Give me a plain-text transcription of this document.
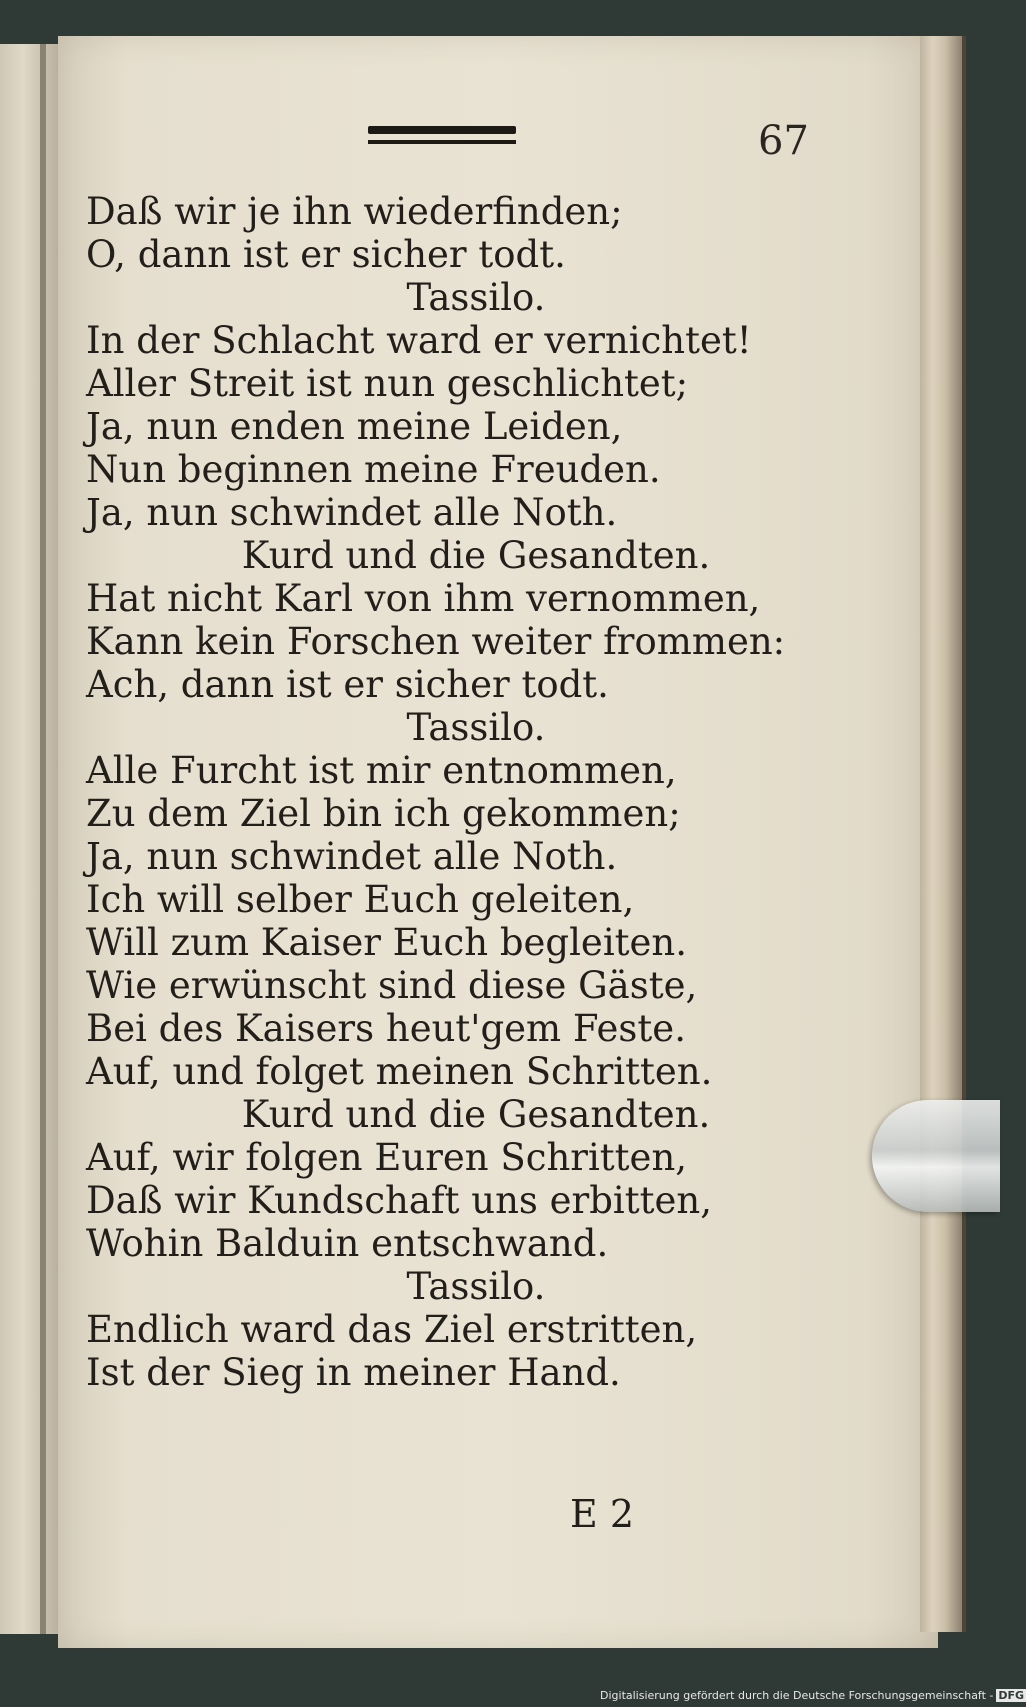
67
Daß wir je ihn wiederfinden;
O, dann ist er sicher todt.
Tassilo.
In der Schlacht ward er vernichtet!
Aller Streit ist nun geschlichtet;
Ja, nun enden meine Leiden,
Nun beginnen meine Freuden.
Ja, nun schwindet alle Noth.
Kurd und die Gesandten.
Hat nicht Karl von ihm vernommen,
Kann kein Forschen weiter frommen:
Ach, dann ist er sicher todt.
Tassilo.
Alle Furcht ist mir entnommen,
Zu dem Ziel bin ich gekommen;
Ja, nun schwindet alle Noth.
Ich will selber Euch geleiten,
Will zum Kaiser Euch begleiten.
Wie erwünscht sind diese Gäste,
Bei des Kaisers heut'gem Feste.
Auf, und folget meinen Schritten.
Kurd und die Gesandten.
Auf, wir folgen Euren Schritten,
Daß wir Kundschaft uns erbitten,
Wohin Balduin entschwand.
Tassilo.
Endlich ward das Ziel erstritten,
Ist der Sieg in meiner Hand.
E 2
Digitalisierung gefördert durch die Deutsche Forschungsgemeinschaft - DFG
